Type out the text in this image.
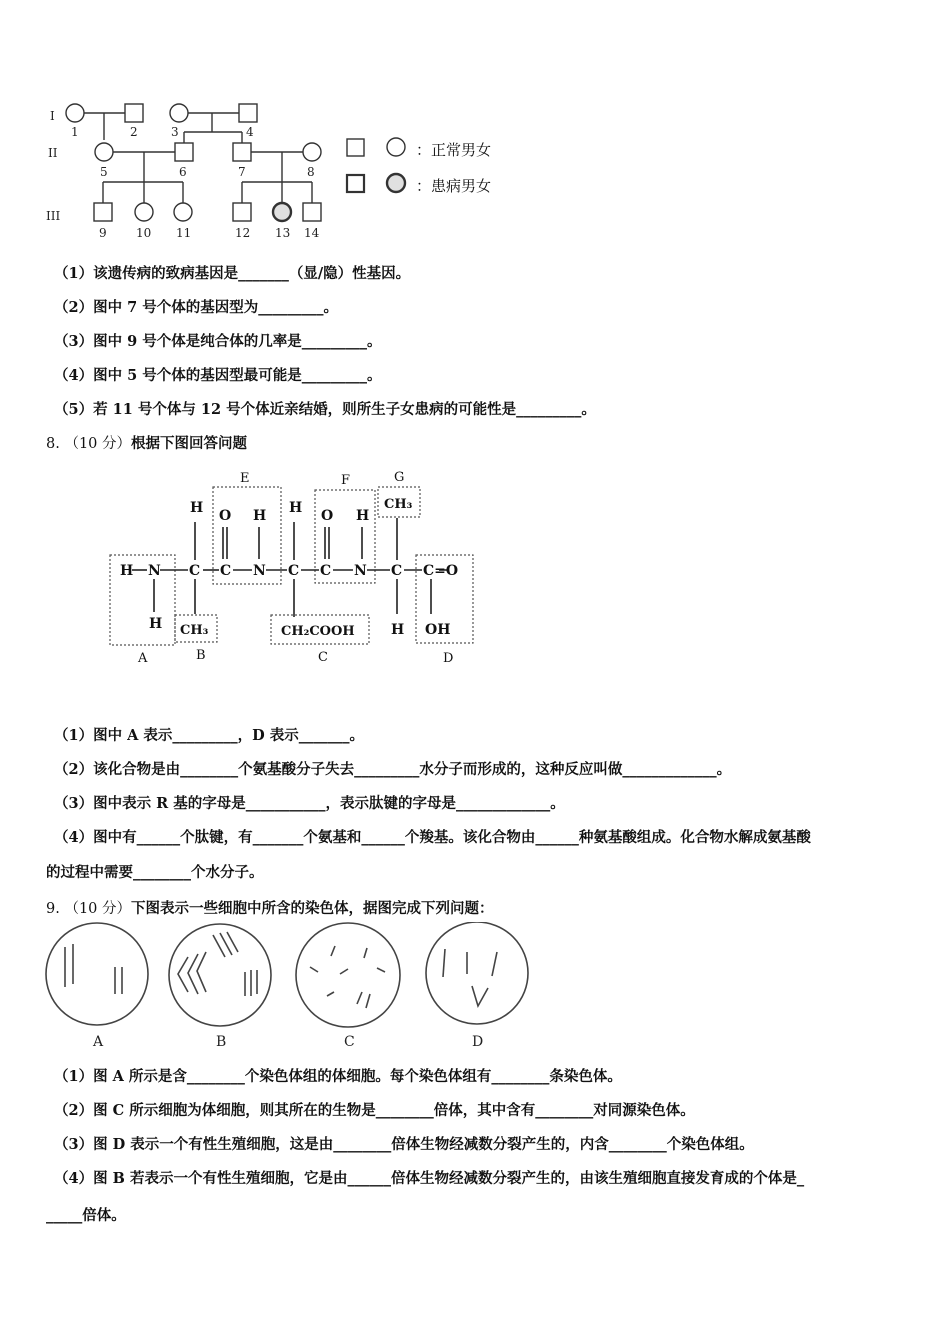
I
II
III
1	2	3	4
5	6	7	8
9 10 11	12 13 14
：正常男女
：患病男女
（1）该遗传病的致病基因是_______（显/隐）性基因。
（2）图中 7 号个体的基因型为_________。
（3）图中 9 号个体是纯合体的几率是_________。
（4）图中 5 号个体的基因型最可能是_________。
（5）若 11 号个体与 12 号个体近亲结婚，则所生子女患病的可能性是_________。
8. （10 分）根据下图回答问题
H N
H
C
H
C
O
N
H
C
H
C
O
N
H
C C=O
H OH
CH₃	CH₂COOH
CH₃
A	B	C	D
E	F	G
（1）图中 A 表示_________，D 表示_______。
（2）该化合物是由________个氨基酸分子失去_________水分子而形成的，这种反应叫做_____________。
（3）图中表示 R 基的字母是___________，表示肽键的字母是_____________。
（4）图中有______个肽键，有_______个氨基和______个羧基。该化合物由______种氨基酸组成。化合物水解成氨基酸
的过程中需要________个水分子。
9. （10 分）下图表示一些细胞中所含的染色体，据图完成下列问题：
A	B	C	D
（1）图 A 所示是含________个染色体组的体细胞。每个染色体组有________条染色体。
（2）图 C 所示细胞为体细胞，则其所在的生物是________倍体，其中含有________对同源染色体。
（3）图 D 表示一个有性生殖细胞，这是由________倍体生物经减数分裂产生的，内含________个染色体组。
（4）图 B 若表示一个有性生殖细胞，它是由______倍体生物经减数分裂产生的，由该生殖细胞直接发育成的个体是_
_____倍体。
